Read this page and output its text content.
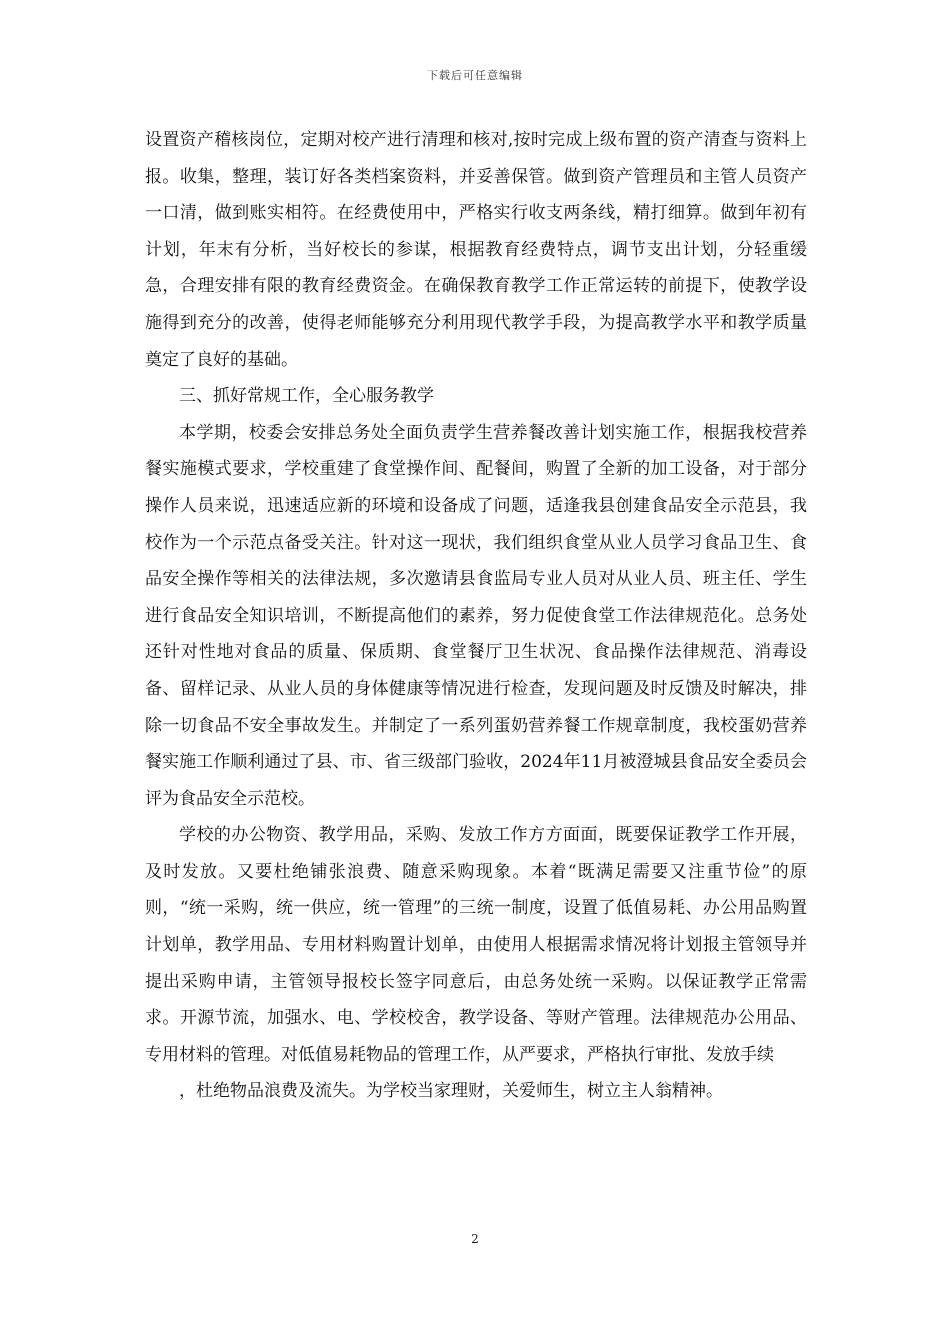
下载后可任意编辑

设置资产稽核岗位，定期对校产进行清理和核对,按时完成上级布置的资产清查与资料上报。收集，整理，装订好各类档案资料，并妥善保管。做到资产管理员和主管人员资产一口清，做到账实相符。在经费使用中，严格实行收支两条线，精打细算。做到年初有计划，年末有分析，当好校长的参谋，根据教育经费特点，调节支出计划，分轻重缓急，合理安排有限的教育经费资金。在确保教育教学工作正常运转的前提下，使教学设施得到充分的改善，使得老师能够充分利用现代教学手段，为提高教学水平和教学质量奠定了良好的基础。

三、抓好常规工作，全心服务教学

本学期，校委会安排总务处全面负责学生营养餐改善计划实施工作，根据我校营养餐实施模式要求，学校重建了食堂操作间、配餐间，购置了全新的加工设备，对于部分操作人员来说，迅速适应新的环境和设备成了问题，适逢我县创建食品安全示范县，我校作为一个示范点备受关注。针对这一现状，我们组织食堂从业人员学习食品卫生、食品安全操作等相关的法律法规，多次邀请县食监局专业人员对从业人员、班主任、学生进行食品安全知识培训，不断提高他们的素养，努力促使食堂工作法律规范化。总务处还针对性地对食品的质量、保质期、食堂餐厅卫生状况、食品操作法律规范、消毒设备、留样记录、从业人员的身体健康等情况进行检查，发现问题及时反馈及时解决，排除一切食品不安全事故发生。并制定了一系列蛋奶营养餐工作规章制度，我校蛋奶营养餐实施工作顺利通过了县、市、省三级部门验收，2024年11月被澄城县食品安全委员会评为食品安全示范校。

学校的办公物资、教学用品，采购、发放工作方方面面，既要保证教学工作开展，及时发放。又要杜绝铺张浪费、随意采购现象。本着“既满足需要又注重节俭”的原则，“统一采购，统一供应，统一管理”的三统一制度，设置了低值易耗、办公用品购置计划单，教学用品、专用材料购置计划单，由使用人根据需求情况将计划报主管领导并提出采购申请，主管领导报校长签字同意后，由总务处统一采购。以保证教学正常需求。开源节流，加强水、电、学校校舍，教学设备、等财产管理。法律规范办公用品、专用材料的管理。对低值易耗物品的管理工作，从严要求，严格执行审批、发放手续

，杜绝物品浪费及流失。为学校当家理财，关爱师生，树立主人翁精神。

2
